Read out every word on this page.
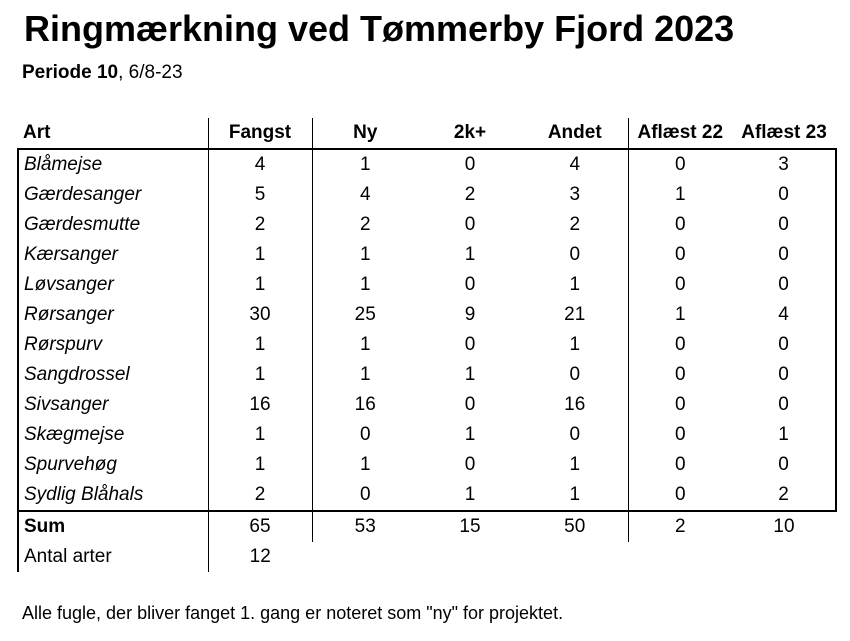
Ringmærkning ved Tømmerby Fjord 2023
Periode 10, 6/8-23
Art	Fangst	Ny	2k+	Andet	Aflæst 22	Aflæst 23
Blåmejse	4	1	0	4	0	3
Gærdesanger	5	4	2	3	1	0
Gærdesmutte	2	2	0	2	0	0
Kærsanger	1	1	1	0	0	0
Løvsanger	1	1	0	1	0	0
Rørsanger	30	25	9	21	1	4
Rørspurv	1	1	0	1	0	0
Sangdrossel	1	1	1	0	0	0
Sivsanger	16	16	0	16	0	0
Skægmejse	1	0	1	0	0	1
Spurvehøg	1	1	0	1	0	0
Sydlig Blåhals	2	0	1	1	0	2
Sum	65	53	15	50	2	10
Antal arter	12					
Alle fugle, der bliver fanget 1. gang er noteret som "ny" for projektet.
